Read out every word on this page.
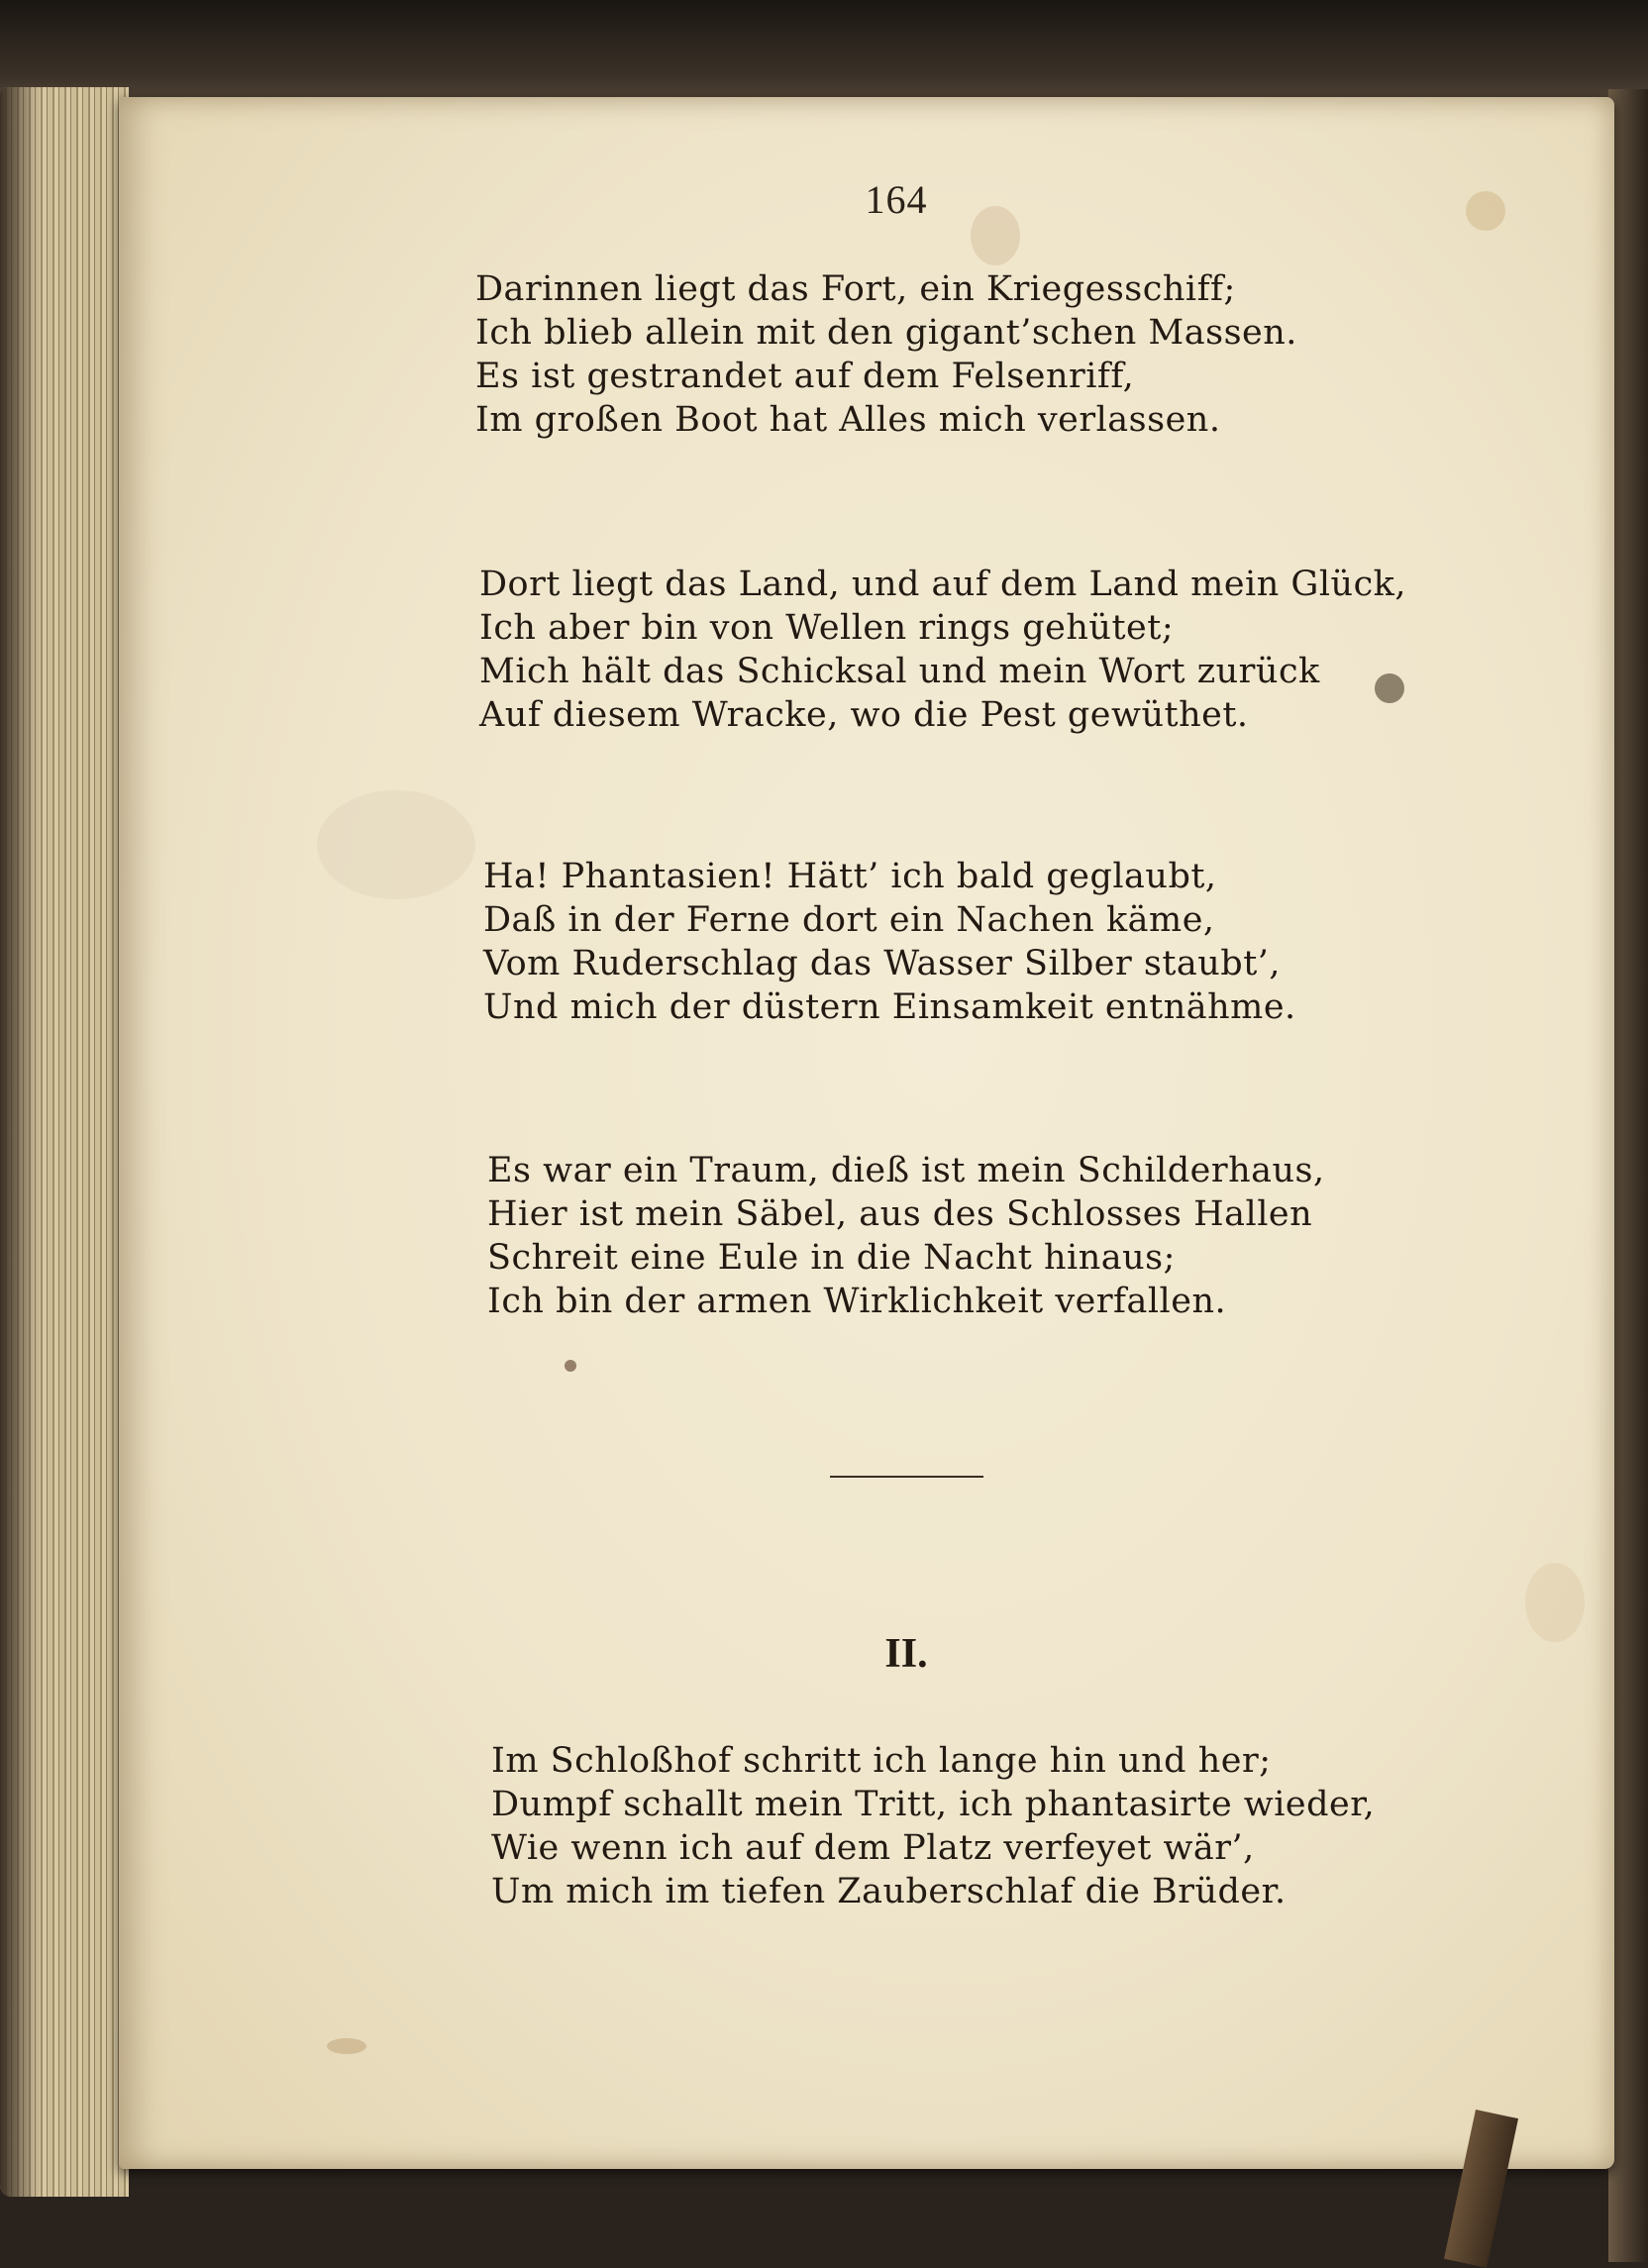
164
Darinnen liegt das Fort, ein Kriegesschiff;
Ich blieb allein mit den gigant’schen Massen.
Es ist gestrandet auf dem Felsenriff,
Im großen Boot hat Alles mich verlassen.
Dort liegt das Land, und auf dem Land mein Glück,
Ich aber bin von Wellen rings gehütet;
Mich hält das Schicksal und mein Wort zurück
Auf diesem Wracke, wo die Pest gewüthet.
Ha! Phantasien! Hätt’ ich bald geglaubt,
Daß in der Ferne dort ein Nachen käme,
Vom Ruderschlag das Wasser Silber staubt’,
Und mich der düstern Einsamkeit entnähme.
Es war ein Traum, dieß ist mein Schilderhaus,
Hier ist mein Säbel, aus des Schlosses Hallen
Schreit eine Eule in die Nacht hinaus;
Ich bin der armen Wirklichkeit verfallen.
II.
Im Schloßhof schritt ich lange hin und her;
Dumpf schallt mein Tritt, ich phantasirte wieder,
Wie wenn ich auf dem Platz verfeyet wär’,
Um mich im tiefen Zauberschlaf die Brüder.
